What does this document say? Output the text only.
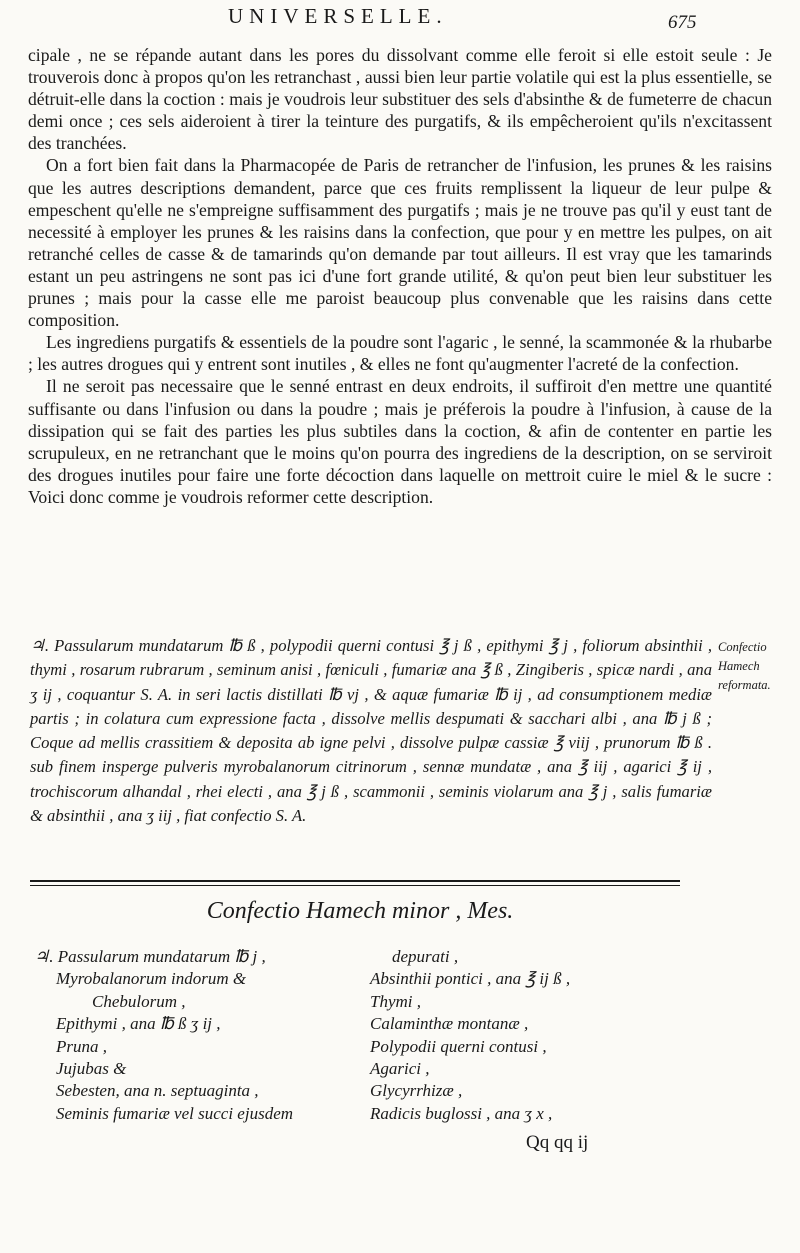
UNIVERSELLE.	675

cipale , ne se répande autant dans les pores du dissolvant comme elle feroit si elle estoit seule : Je trouverois donc à propos qu'on les retranchast , aussi bien leur partie volatile qui est la plus essentielle, se détruit-elle dans la coction : mais je voudrois leur substituer des sels d'absinthe & de fumeterre de chacun demi once ; ces sels aideroient à tirer la teinture des purgatifs, & ils empêcheroient qu'ils n'excitassent des tranchées.

On a fort bien fait dans la Pharmacopée de Paris de retrancher de l'infusion, les prunes & les raisins que les autres descriptions demandent, parce que ces fruits remplissent la liqueur de leur pulpe & empeschent qu'elle ne s'empreigne suffisamment des purgatifs ; mais je ne trouve pas qu'il y eust tant de necessité à employer les prunes & les raisins dans la confection, que pour y en mettre les pulpes, on ait retranché celles de casse & de tamarinds qu'on demande par tout ailleurs. Il est vray que les tamarinds estant un peu astringens ne sont pas ici d'une fort grande utilité, & qu'on peut bien leur substituer les prunes ; mais pour la casse elle me paroist beaucoup plus convenable que les raisins dans cette composition.

Les ingrediens purgatifs & essentiels de la poudre sont l'agaric , le senné, la scammonée & la rhubarbe ; les autres drogues qui y entrent sont inutiles , & elles ne font qu'augmenter l'acreté de la confection.

Il ne seroit pas necessaire que le senné entrast en deux endroits, il suffiroit d'en mettre une quantité suffisante ou dans l'infusion ou dans la poudre ; mais je préferois la poudre à l'infusion, à cause de la dissipation qui se fait des parties les plus subtiles dans la coction, & afin de contenter en partie les scrupuleux, en ne retranchant que le moins qu'on pourra des ingrediens de la description, on se serviroit des drogues inutiles pour faire une forte décoction dans laquelle on mettroit cuire le miel & le sucre : Voici donc comme je voudrois reformer cette description.

♃. Passularum mundatarum ℔ ß , polypodii querni contusi ℥ j ß , epithymi ℥ j , foliorum absinthii , thymi , rosarum rubrarum , seminum anisi , fœniculi , fumariæ ana ℥ ß , Zingiberis , spicæ nardi , ana ʒ ij , coquantur S. A. in seri lactis distillati ℔ vj , & aquæ fumariæ ℔ ij , ad consumptionem mediæ partis ; in colatura cum expressione facta , dissolve mellis despumati & sacchari albi , ana ℔ j ß ; Coque ad mellis crassitiem & deposita ab igne pelvi , dissolve pulpæ cassiæ ℥ viij , prunorum ℔ ß . sub finem insperge pulveris myrobalanorum citrinorum , sennæ mundatæ , ana ℥ iij , agarici ℥ ij , trochiscorum alhandal , rhei electi , ana ℥ j ß , scammonii , seminis violarum ana ℥ j , salis fumariæ & absinthii , ana ʒ iij , fiat confectio S. A.
Confectio Hamech reformata.
Confectio Hamech minor , Mes.
♃. Passularum mundatarum ℔ j ,
Myrobalanorum indorum &
Chebulorum ,
Epithymi , ana ℔ ß ʒ ij ,
Pruna ,
Jujubas &
Sebesten, ana n. septuaginta ,
Seminis fumariæ vel succi ejusdem
depurati ,
Absinthii pontici , ana ℥ ij ß ,
Thymi ,
Calaminthæ montanæ ,
Polypodii querni contusi ,
Agarici ,
Glycyrrhizæ ,
Radicis buglossi , ana ʒ x ,
Qq qq ij
